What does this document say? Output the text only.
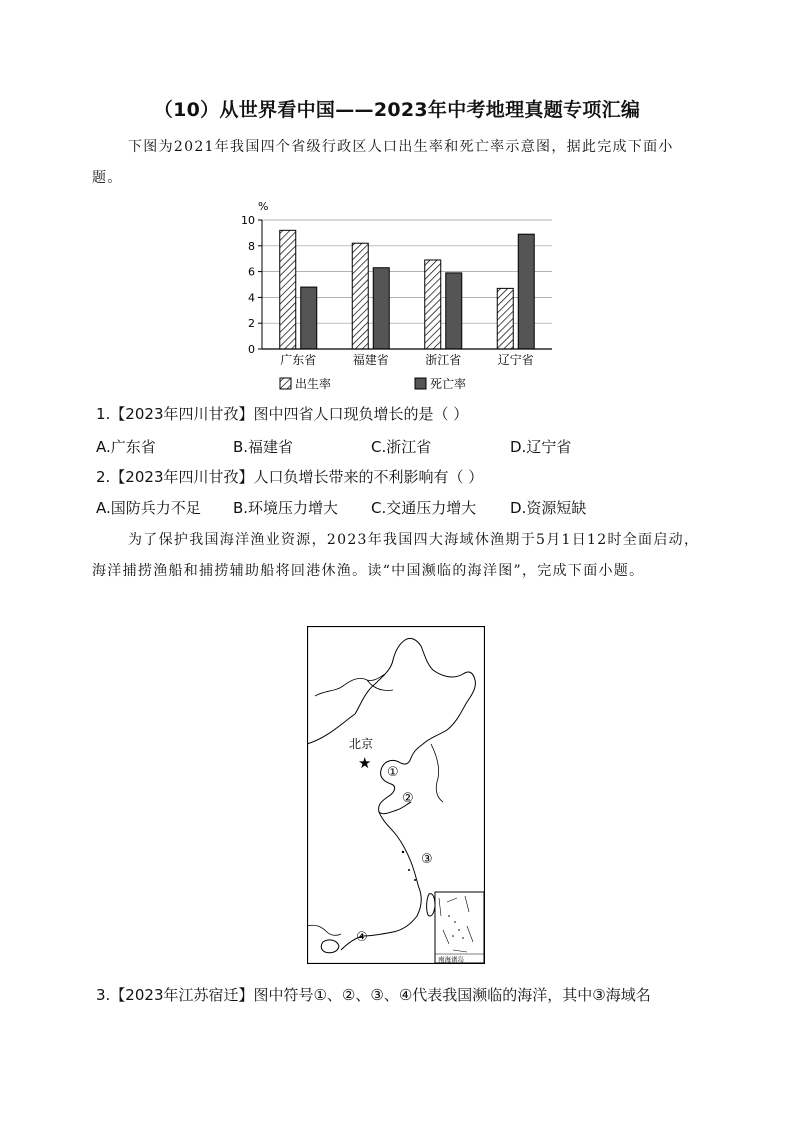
（10）从世界看中国——2023年中考地理真题专项汇编

下图为2021年我国四个省级行政区人口出生率和死亡率示意图，据此完成下面小题。

%
0
2
4
6
8
10
广东省	福建省	浙江省	辽宁省
出生率	死亡率
1.【2023年四川甘孜】图中四省人口现负增长的是（ ）
A.广东省	B.福建省	C.浙江省	D.辽宁省
2.【2023年四川甘孜】人口负增长带来的不利影响有（ ）
A.国防兵力不足 B.环境压力增大 C.交通压力增大 D.资源短缺

为了保护我国海洋渔业资源，2023年我国四大海域休渔期于5月1日12时全面启动，海洋捕捞渔船和捕捞辅助船将回港休渔。读“中国濒临的海洋图”，完成下面小题。

北京
★
①
②
③
④
南海诸岛
3.【2023年江苏宿迁】图中符号①、②、③、④代表我国濒临的海洋，其中③海域名
